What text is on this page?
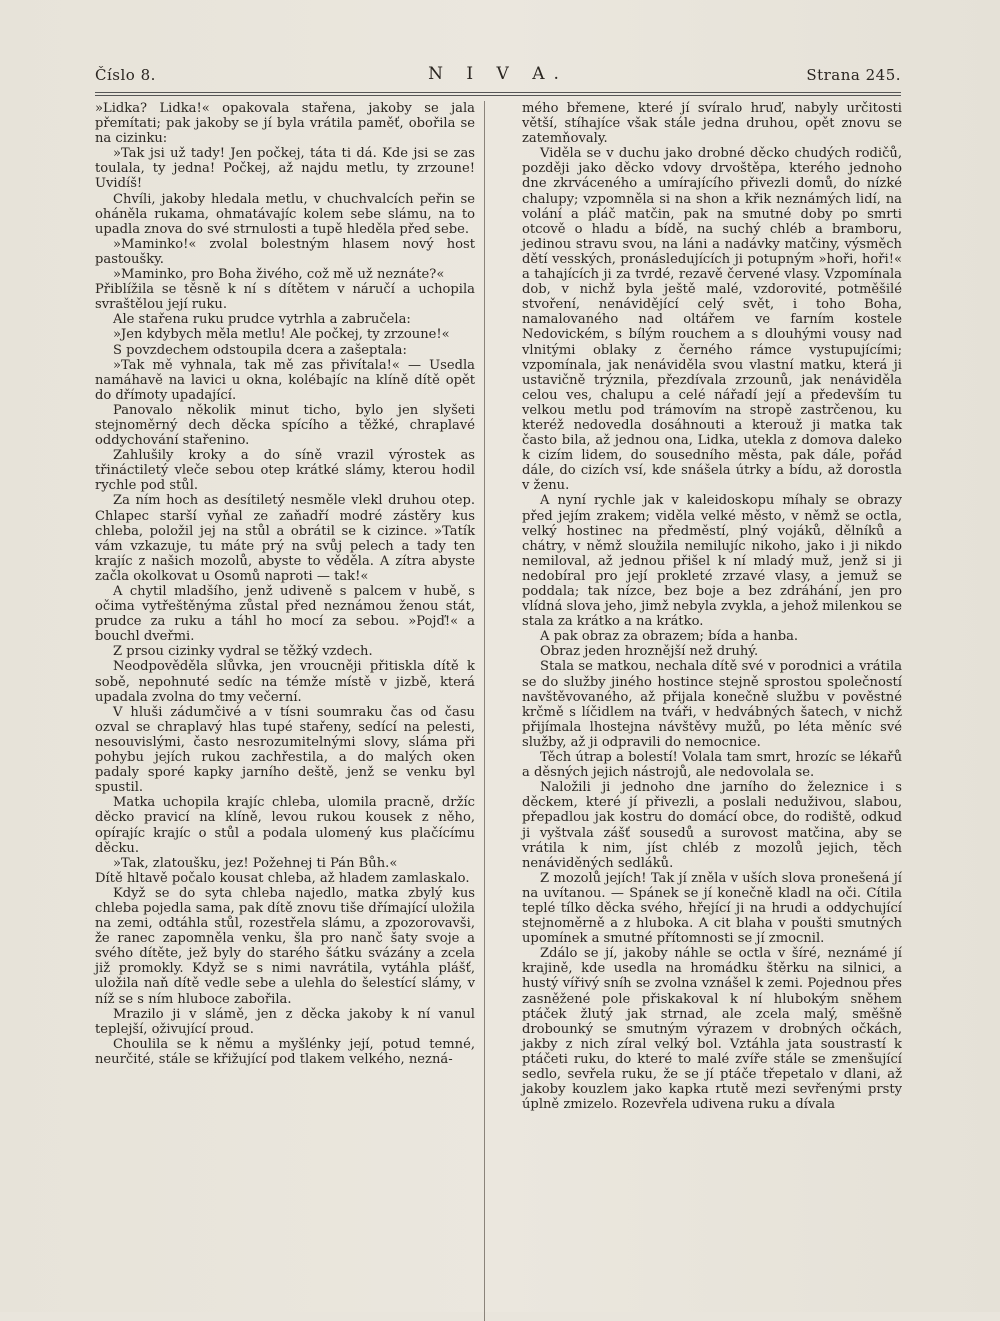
Číslo 8.	N I V A.	Strana 245.

»Lidka? Lidka!« opakovala stařena, jakoby se jala přemítati; pak jakoby se jí byla vrátila paměť, obořila se na cizinku:

»Tak jsi už tady! Jen počkej, táta ti dá. Kde jsi se zas toulala, ty jedna! Počkej, až najdu metlu, ty zrzoune! Uvidíš!

Chvíli, jakoby hledala metlu, v chuchvalcích peřin se oháněla rukama, ohmatávajíc kolem sebe slámu, na to upadla znova do své strnulosti a tupě hleděla před sebe.

»Maminko!« zvolal bolestným hlasem nový host pastoušky.

»Maminko, pro Boha živého, což mě už neznáte?«

Přiblížila se těsně k ní s dítětem v náručí a uchopila svraštělou její ruku.

Ale stařena ruku prudce vytrhla a zabručela:

»Jen kdybych měla metlu! Ale počkej, ty zrzoune!«

S povzdechem odstoupila dcera a zašeptala:

»Tak mě vyhnala, tak mě zas přivítala!« — Usedla namáhavě na lavici u okna, kolébajíc na klíně dítě opět do dřímoty upadající.

Panovalo několik minut ticho, bylo jen slyšeti stejnoměrný dech děcka spícího a těžké, chraplavé oddychování stařenino.

Zahlušily kroky a do síně vrazil výrostek as třináctiletý vleče sebou otep krátké slámy, kterou hodil rychle pod stůl.

Za ním hoch as desítiletý nesměle vlekl druhou otep. Chlapec starší vyňal ze zaňadří modré zástěry kus chleba, položil jej na stůl a obrátil se k cizince. »Tatík vám vzkazuje, tu máte prý na svůj pelech a tady ten krajíc z našich mozolů, abyste to věděla. A zítra abyste začla okolkovat u Osomů naproti — tak!«

A chytil mladšího, jenž udiveně s palcem v hubě, s očima vytřeštěnýma zůstal před neznámou ženou stát, prudce za ruku a táhl ho mocí za sebou. »Pojď!« a bouchl dveřmi.

Z prsou cizinky vydral se těžký vzdech.

Neodpověděla slůvka, jen vroucněji přitiskla dítě k sobě, nepohnuté sedíc na témže místě v jizbě, která upadala zvolna do tmy večerní.

V hluši zádumčivé a v tísni soumraku čas od času ozval se chraplavý hlas tupé stařeny, sedící na pelesti, nesouvislými, často nesrozumitelnými slovy, sláma při pohybu jejích rukou zachřestila, a do malých oken padaly sporé kapky jarního deště, jenž se venku byl spustil.

Matka uchopila krajíc chleba, ulomila pracně, držíc děcko pravicí na klíně, levou rukou kousek z něho, opírajíc krajíc o stůl a podala ulomený kus plačícímu děcku.

»Tak, zlatoušku, jez! Požehnej ti Pán Bůh.«

Dítě hltavě počalo kousat chleba, až hladem zamlaskalo.

Když se do syta chleba najedlo, matka zbylý kus chleba pojedla sama, pak dítě znovu tiše dřímající uložila na zemi, odtáhla stůl, rozestřela slámu, a zpozorovavši, že ranec zapomněla venku, šla pro nanč šaty svoje a svého dítěte, jež byly do starého šátku svázány a zcela již promokly. Když se s nimi navrátila, vytáhla plášť, uložila naň dítě vedle sebe a ulehla do šelestící slámy, v níž se s ním hluboce zabořila.

Mrazilo ji v slámě, jen z děcka jakoby k ní vanul teplejší, oživující proud.

Choulila se k němu a myšlénky její, potud temné, neurčité, stále se křižující pod tlakem velkého, nezná-

mého břemene, které jí svíralo hruď, nabyly určitosti větší, stíhajíce však stále jedna druhou, opět znovu se zatemňovaly.

Viděla se v duchu jako drobné děcko chudých rodičů, později jako děcko vdovy drvoštěpa, kterého jednoho dne zkrváceného a umírajícího přivezli domů, do nízké chalupy; vzpomněla si na shon a křik neznámých lidí, na volání a pláč matčin, pak na smutné doby po smrti otcově o hladu a bídě, na suchý chléb a bramboru, jedinou stravu svou, na láni a nadávky matčiny, výsměch dětí vesských, pronásledujících ji potupným »hoři, hoři!« a tahajících ji za tvrdé, rezavě červené vlasy. Vzpomínala dob, v nichž byla ještě malé, vzdorovité, potměšilé stvoření, nenávidějící celý svět, i toho Boha, namalovaného nad oltářem ve farním kostele Nedovickém, s bílým rouchem a s dlouhými vousy nad vlnitými oblaky z černého rámce vystupujícími; vzpomínala, jak nenáviděla svou vlastní matku, která ji ustavičně trýznila, přezdívala zrzounů, jak nenáviděla celou ves, chalupu a celé nářadí její a především tu velkou metlu pod trámovím na stropě zastrčenou, ku kteréž nedovedla dosáhnouti a kterouž ji matka tak často bila, až jednou ona, Lidka, utekla z domova daleko k cizím lidem, do sousedního města, pak dále, pořád dále, do cizích vsí, kde snášela útrky a bídu, až dorostla v ženu.

A nyní rychle jak v kaleidoskopu míhaly se obrazy před jejím zrakem; viděla velké město, v němž se octla, velký hostinec na předměstí, plný vojáků, dělníků a chátry, v němž sloužila nemilujíc nikoho, jako i ji nikdo nemiloval, až jednou přišel k ní mladý muž, jenž si ji nedobíral pro její prokleté zrzavé vlasy, a jemuž se poddala; tak nízce, bez boje a bez zdráhání, jen pro vlídná slova jeho, jimž nebyla zvykla, a jehož milenkou se stala za krátko a na krátko.

A pak obraz za obrazem; bída a hanba.

Obraz jeden hroznější než druhý.

Stala se matkou, nechala dítě své v porodnici a vrátila se do služby jiného hostince stejně sprostou společností navštěvovaného, až přijala konečně službu v pověstné krčmě s líčidlem na tváři, v hedvábných šatech, v nichž přijímala lhostejna návštěvy mužů, po léta měníc své služby, až ji odpravili do nemocnice.

Těch útrap a bolestí! Volala tam smrt, hrozíc se lékařů a děsných jejich nástrojů, ale nedovolala se.

Naložili ji jednoho dne jarního do železnice i s děckem, které jí přivezli, a poslali neduživou, slabou, přepadlou jak kostru do domácí obce, do rodiště, odkud ji vyštvala zášť sousedů a surovost matčina, aby se vrátila k nim, jíst chléb z mozolů jejich, těch nenáviděných sedláků.

Z mozolů jejích! Tak jí zněla v uších slova pronešená jí na uvítanou. — Spánek se jí konečně kladl na oči. Cítila teplé tílko děcka svého, hřející ji na hrudi a oddychující stejnoměrně a z hluboka. A cit blaha v poušti smutných upomínek a smutné přítomnosti se jí zmocnil.

Zdálo se jí, jakoby náhle se octla v šíré, neznámé jí krajině, kde usedla na hromádku štěrku na silnici, a hustý vířivý sníh se zvolna vznášel k zemi. Pojednou přes zasněžené pole přiskakoval k ní hlubokým sněhem ptáček žlutý jak strnad, ale zcela malý, směšně drobounký se smutným výrazem v drobných očkách, jakby z nich zíral velký bol. Vztáhla jata soustrastí k ptáčeti ruku, do které to malé zvíře stále se zmenšující sedlo, sevřela ruku, že se jí ptáče třepetalo v dlani, až jakoby kouzlem jako kapka rtutě mezi sevřenými prsty úplně zmizelo. Rozevřela udivena ruku a dívala
